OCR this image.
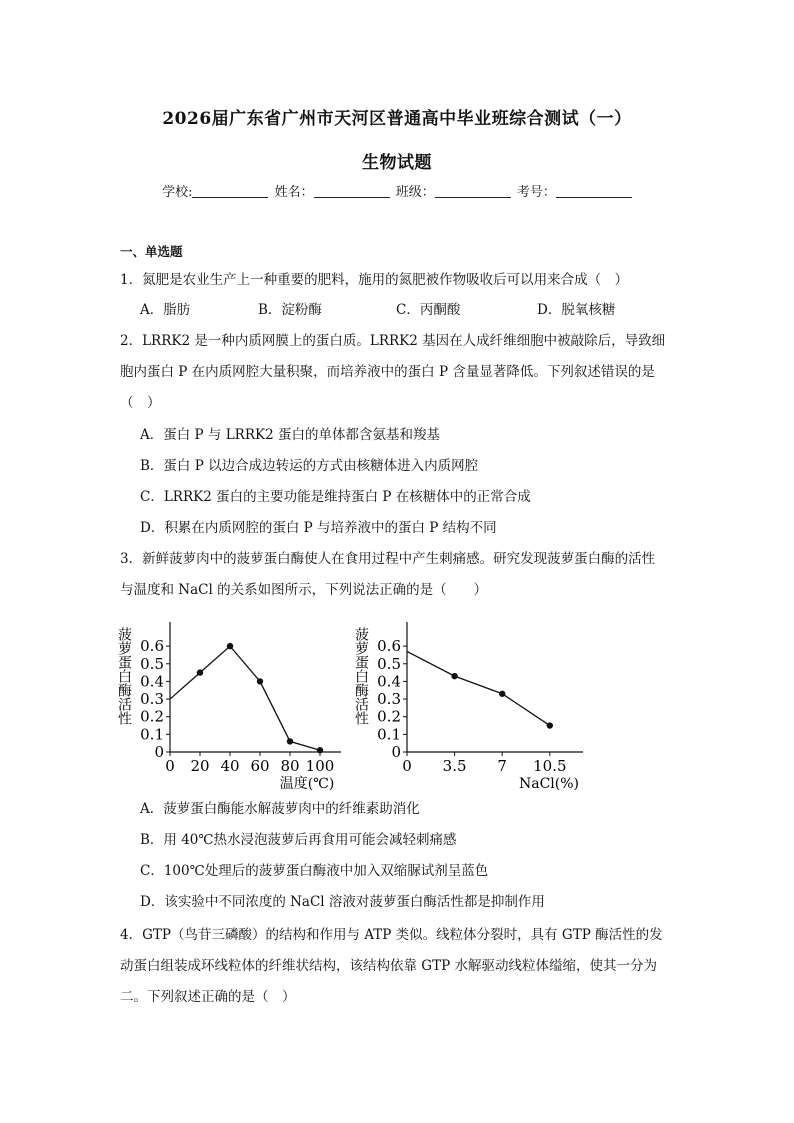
2026届广东省广州市天河区普通高中毕业班综合测试（一）
生物试题
学校:	姓名：	班级：	考号：
一、单选题
1．氮肥是农业生产上一种重要的肥料，施用的氮肥被作物吸收后可以用来合成（　）
A．脂肪	B．淀粉酶	C．丙酮酸	D．脱氧核糖
2．LRRK2 是一种内质网膜上的蛋白质。LRRK2 基因在人成纤维细胞中被敲除后，导致细
胞内蛋白 P 在内质网腔大量积聚，而培养液中的蛋白 P 含量显著降低。下列叙述错误的是
（　）
A．蛋白 P 与 LRRK2 蛋白的单体都含氨基和羧基
B．蛋白 P 以边合成边转运的方式由核糖体进入内质网腔
C．LRRK2 蛋白的主要功能是维持蛋白 P 在核糖体中的正常合成
D．积累在内质网腔的蛋白 P 与培养液中的蛋白 P 结构不同
3．新鲜菠萝肉中的菠萝蛋白酶使人在食用过程中产生刺痛感。研究发现菠萝蛋白酶的活性
与温度和 NaCl 的关系如图所示，下列说法正确的是（　　）
0
0.1
0.2
0.3
0.4
0.5
0.6
0 20 40 60 80 100
温度(℃)
菠萝蛋白酶活性
0
0.1
0.2
0.3
0.4
0.5
0.6
0 3.5 7 10.5
NaCl(%)
菠萝蛋白酶活性
A．菠萝蛋白酶能水解菠萝肉中的纤维素助消化
B．用 40℃热水浸泡菠萝后再食用可能会减轻刺痛感
C．100℃处理后的菠萝蛋白酶液中加入双缩脲试剂呈蓝色
D．该实验中不同浓度的 NaCl 溶液对菠萝蛋白酶活性都是抑制作用
4．GTP（鸟苷三磷酸）的结构和作用与 ATP 类似。线粒体分裂时，具有 GTP 酶活性的发
动蛋白组装成环线粒体的纤维状结构，该结构依靠 GTP 水解驱动线粒体缢缩，使其一分为
二。下列叙述正确的是（　）
